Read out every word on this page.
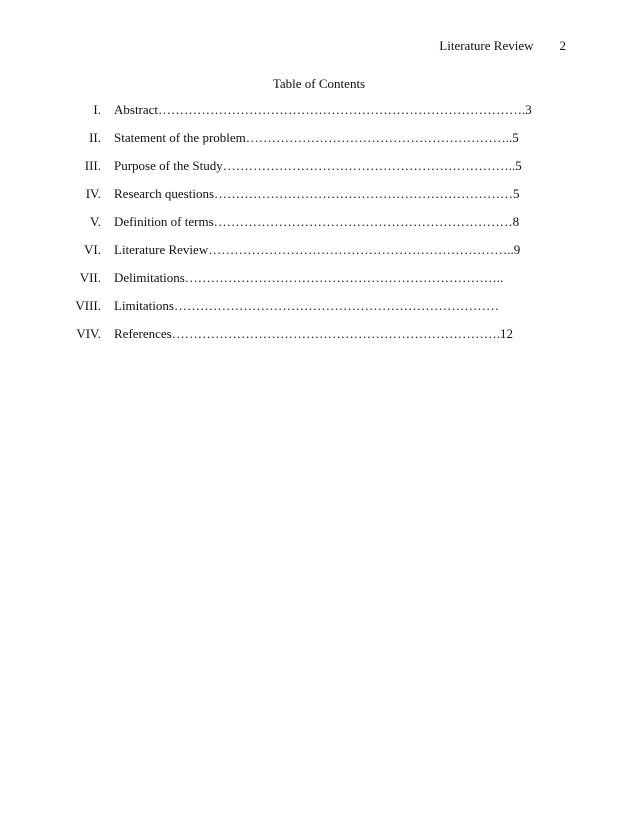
Literature Review 2
Table of Contents
I. Abstract………………………………………………………………………….3
II. Statement of the problem……………………………………………………..5
III. Purpose of the Study…………………………………………………………..5
IV. Research questions……………………………………………………………5
V. Definition of terms……………………………………………………………8
VI. Literature Review……………………………………………………………..9
VII. Delimitations………………………………………………………………..
VIII. Limitations…………………………………………………………………
VIV. References………………………………………………………………….12
